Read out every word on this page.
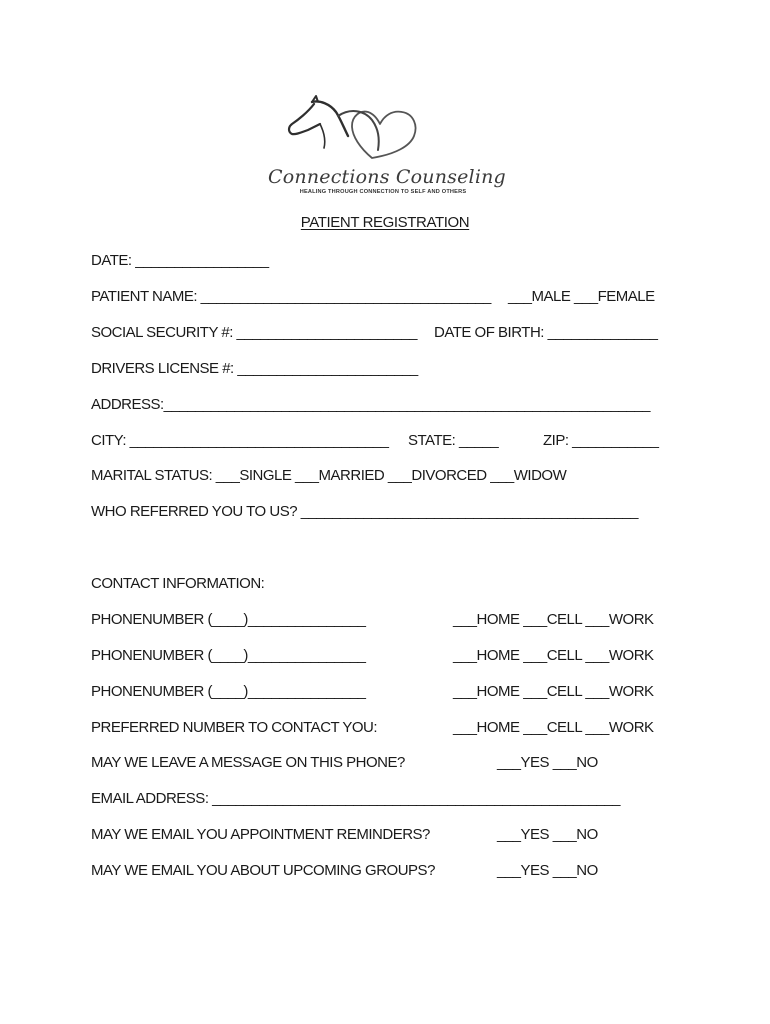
Connections Counseling
HEALING THROUGH CONNECTION TO SELF AND OTHERS
PATIENT REGISTRATION
DATE: _________________
PATIENT NAME: _____________________________________ ___MALE ___FEMALE
SOCIAL SECURITY #: _______________________ DATE OF BIRTH: ______________
DRIVERS LICENSE #: _______________________
ADDRESS:______________________________________________________________
CITY: _________________________________ STATE: _____	ZIP: ___________
MARITAL STATUS: ___SINGLE ___MARRIED ___DIVORCED ___WIDOW
WHO REFERRED YOU TO US? ___________________________________________
CONTACT INFORMATION:
PHONENUMBER (____)_______________	___HOME ___CELL ___WORK
PHONENUMBER (____)_______________	___HOME ___CELL ___WORK
PHONENUMBER (____)_______________	___HOME ___CELL ___WORK
PREFERRED NUMBER TO CONTACT YOU:	___HOME ___CELL ___WORK
MAY WE LEAVE A MESSAGE ON THIS PHONE?	___YES ___NO
EMAIL ADDRESS: ____________________________________________________
MAY WE EMAIL YOU APPOINTMENT REMINDERS?	___YES ___NO
MAY WE EMAIL YOU ABOUT UPCOMING GROUPS?	___YES ___NO
